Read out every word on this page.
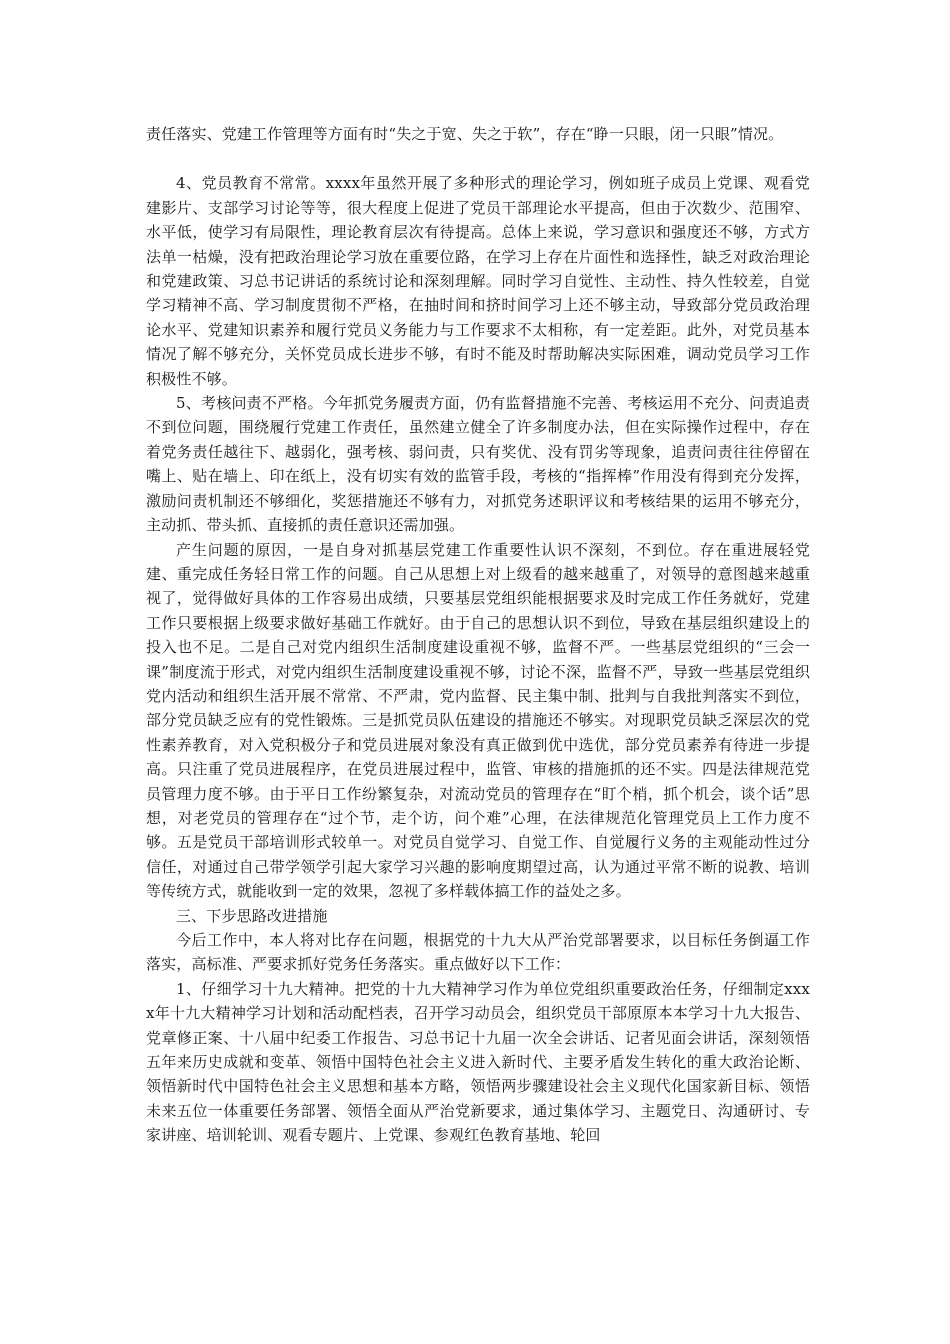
责任落实、党建工作管理等方面有时“失之于宽、失之于软”，存在“睁一只眼，闭一只眼”情况。

4、党员教育不常常。xxxx年虽然开展了多种形式的理论学习，例如班子成员上党课、观看党建影片、支部学习讨论等等，很大程度上促进了党员干部理论水平提高，但由于次数少、范围窄、水平低，使学习有局限性，理论教育层次有待提高。总体上来说，学习意识和强度还不够，方式方法单一枯燥，没有把政治理论学习放在重要位路，在学习上存在片面性和选择性，缺乏对政治理论和党建政策、习总书记讲话的系统讨论和深刻理解。同时学习自觉性、主动性、持久性较差，自觉学习精神不高、学习制度贯彻不严格，在抽时间和挤时间学习上还不够主动，导致部分党员政治理论水平、党建知识素养和履行党员义务能力与工作要求不太相称，有一定差距。此外，对党员基本情况了解不够充分，关怀党员成长进步不够，有时不能及时帮助解决实际困难，调动党员学习工作积极性不够。

5、考核问责不严格。今年抓党务履责方面，仍有监督措施不完善、考核运用不充分、问责追责不到位问题，围绕履行党建工作责任，虽然建立健全了许多制度办法，但在实际操作过程中，存在着党务责任越往下、越弱化，强考核、弱问责，只有奖优、没有罚劣等现象，追责问责往往停留在嘴上、贴在墙上、印在纸上，没有切实有效的监管手段，考核的“指挥棒”作用没有得到充分发挥，激励问责机制还不够细化，奖惩措施还不够有力，对抓党务述职评议和考核结果的运用不够充分，主动抓、带头抓、直接抓的责任意识还需加强。

产生问题的原因，一是自身对抓基层党建工作重要性认识不深刻，不到位。存在重进展轻党建、重完成任务轻日常工作的问题。自己从思想上对上级看的越来越重了，对领导的意图越来越重视了，觉得做好具体的工作容易出成绩，只要基层党组织能根据要求及时完成工作任务就好，党建工作只要根据上级要求做好基础工作就好。由于自己的思想认识不到位，导致在基层组织建设上的投入也不足。二是自己对党内组织生活制度建设重视不够，监督不严。一些基层党组织的“三会一课”制度流于形式，对党内组织生活制度建设重视不够，讨论不深，监督不严，导致一些基层党组织党内活动和组织生活开展不常常、不严肃，党内监督、民主集中制、批判与自我批判落实不到位，部分党员缺乏应有的党性锻炼。三是抓党员队伍建设的措施还不够实。对现职党员缺乏深层次的党性素养教育，对入党积极分子和党员进展对象没有真正做到优中选优，部分党员素养有待进一步提高。只注重了党员进展程序，在党员进展过程中，监管、审核的措施抓的还不实。四是法律规范党员管理力度不够。由于平日工作纷繁复杂，对流动党员的管理存在“盯个梢，抓个机会，谈个话”思想，对老党员的管理存在“过个节，走个访，问个难”心理，在法律规范化管理党员上工作力度不够。五是党员干部培训形式较单一。对党员自觉学习、自觉工作、自觉履行义务的主观能动性过分信任，对通过自己带学领学引起大家学习兴趣的影响度期望过高，认为通过平常不断的说教、培训等传统方式，就能收到一定的效果，忽视了多样载体搞工作的益处之多。

三、下步思路改进措施

今后工作中，本人将对比存在问题，根据党的十九大从严治党部署要求，以目标任务倒逼工作落实，高标准、严要求抓好党务任务落实。重点做好以下工作：

1、仔细学习十九大精神。把党的十九大精神学习作为单位党组织重要政治任务，仔细制定xxxx年十九大精神学习计划和活动配档表，召开学习动员会，组织党员干部原原本本学习十九大报告、党章修正案、十八届中纪委工作报告、习总书记十九届一次全会讲话、记者见面会讲话，深刻领悟五年来历史成就和变革、领悟中国特色社会主义进入新时代、主要矛盾发生转化的重大政治论断、领悟新时代中国特色社会主义思想和基本方略，领悟两步骤建设社会主义现代化国家新目标、领悟未来五位一体重要任务部署、领悟全面从严治党新要求，通过集体学习、主题党日、沟通研讨、专家讲座、培训轮训、观看专题片、上党课、参观红色教育基地、轮回
